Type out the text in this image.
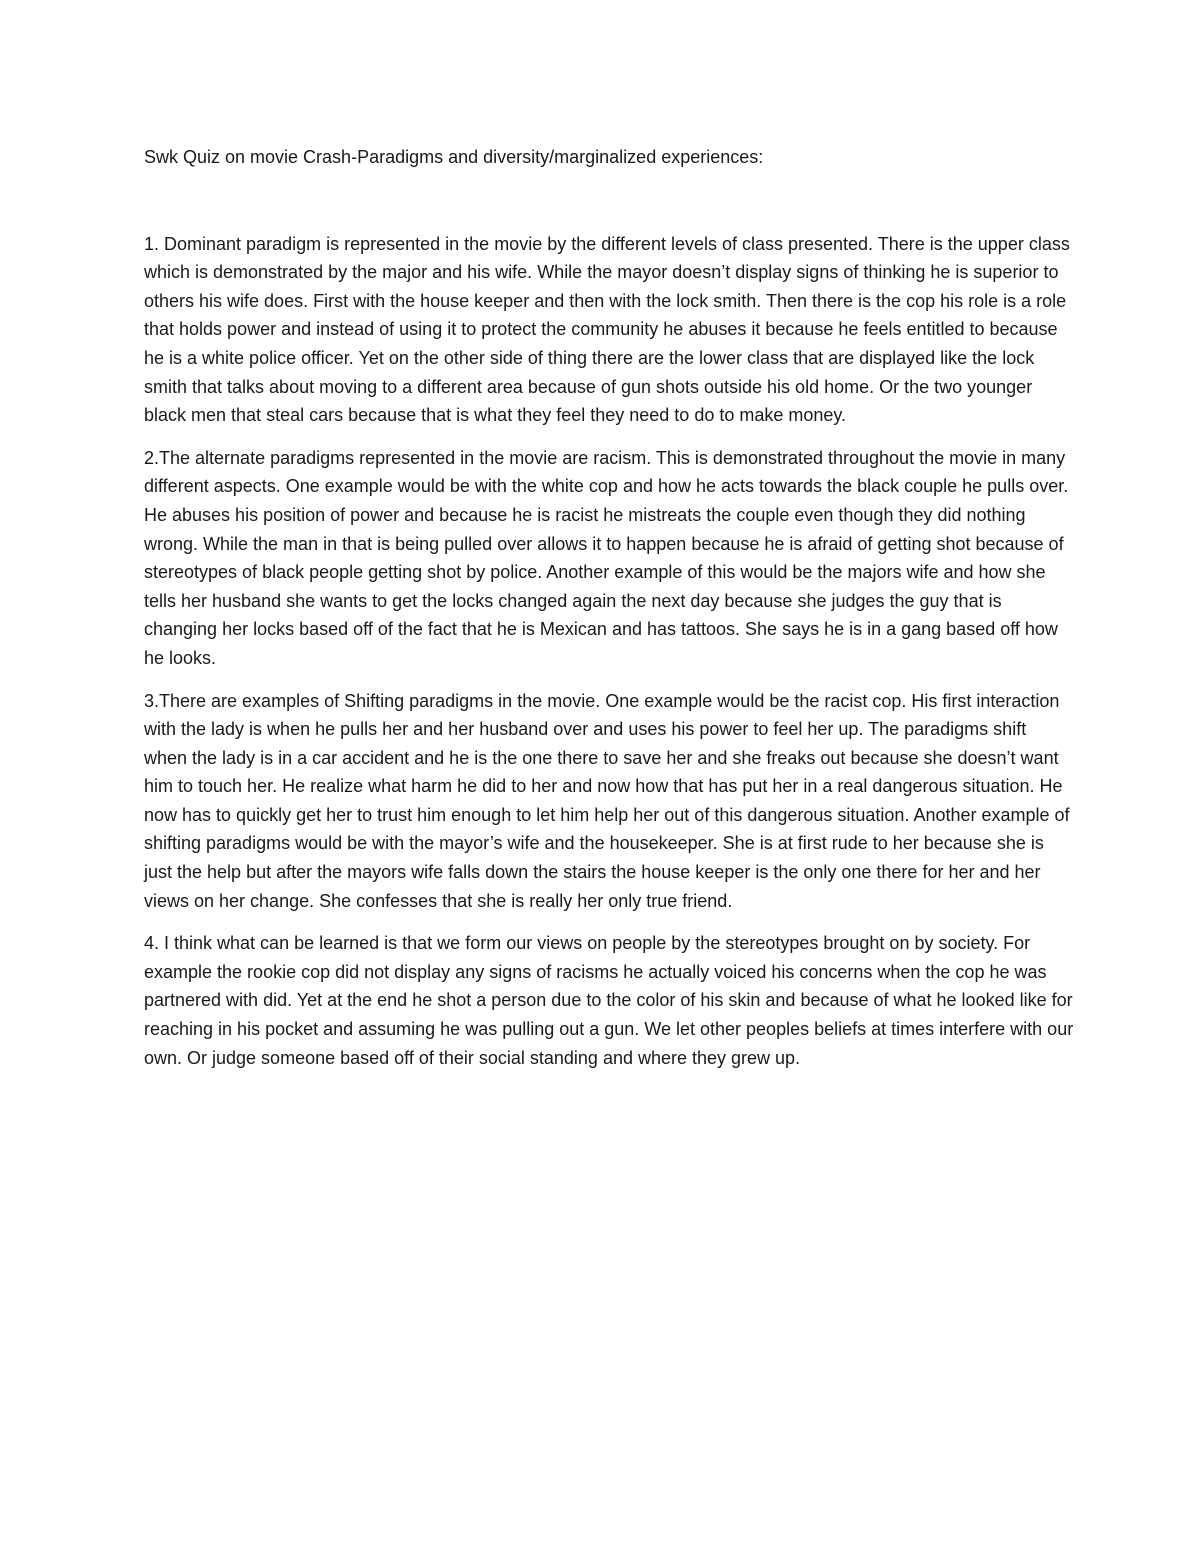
Swk Quiz on movie Crash-Paradigms and diversity/marginalized experiences:

1. Dominant paradigm is represented in the movie by the different levels of class presented. There is the upper class which is demonstrated by the major and his wife. While the mayor doesn’t display signs of thinking he is superior to others his wife does. First with the house keeper and then with the lock smith. Then there is the cop his role is a role that holds power and instead of using it to protect the community he abuses it because he feels entitled to because he is a white police officer. Yet on the other side of thing there are the lower class that are displayed like the lock smith that talks about moving to a different area because of gun shots outside his old home. Or the two younger black men that steal cars because that is what they feel they need to do to make money.

2.The alternate paradigms represented in the movie are racism. This is demonstrated throughout the movie in many different aspects. One example would be with the white cop and how he acts towards the black couple he pulls over. He abuses his position of power and because he is racist he mistreats the couple even though they did nothing wrong. While the man in that is being pulled over allows it to happen because he is afraid of getting shot because of stereotypes of black people getting shot by police. Another example of this would be the majors wife and how she tells her husband she wants to get the locks changed again the next day because she judges the guy that is changing her locks based off of the fact that he is Mexican and has tattoos. She says he is in a gang based off how he looks.

3.There are examples of Shifting paradigms in the movie. One example would be the racist cop. His first interaction with the lady is when he pulls her and her husband over and uses his power to feel her up. The paradigms shift when the lady is in a car accident and he is the one there to save her and she freaks out because she doesn’t want him to touch her. He realize what harm he did to her and now how that has put her in a real dangerous situation. He now has to quickly get her to trust him enough to let him help her out of this dangerous situation. Another example of shifting paradigms would be with the mayor’s wife and the housekeeper. She is at first rude to her because she is just the help but after the mayors wife falls down the stairs the house keeper is the only one there for her and her views on her change. She confesses that she is really her only true friend.

4. I think what can be learned is that we form our views on people by the stereotypes brought on by society. For example the rookie cop did not display any signs of racisms he actually voiced his concerns when the cop he was partnered with did. Yet at the end he shot a person due to the color of his skin and because of what he looked like for reaching in his pocket and assuming he was pulling out a gun. We let other peoples beliefs at times interfere with our own. Or judge someone based off of their social standing and where they grew up.
